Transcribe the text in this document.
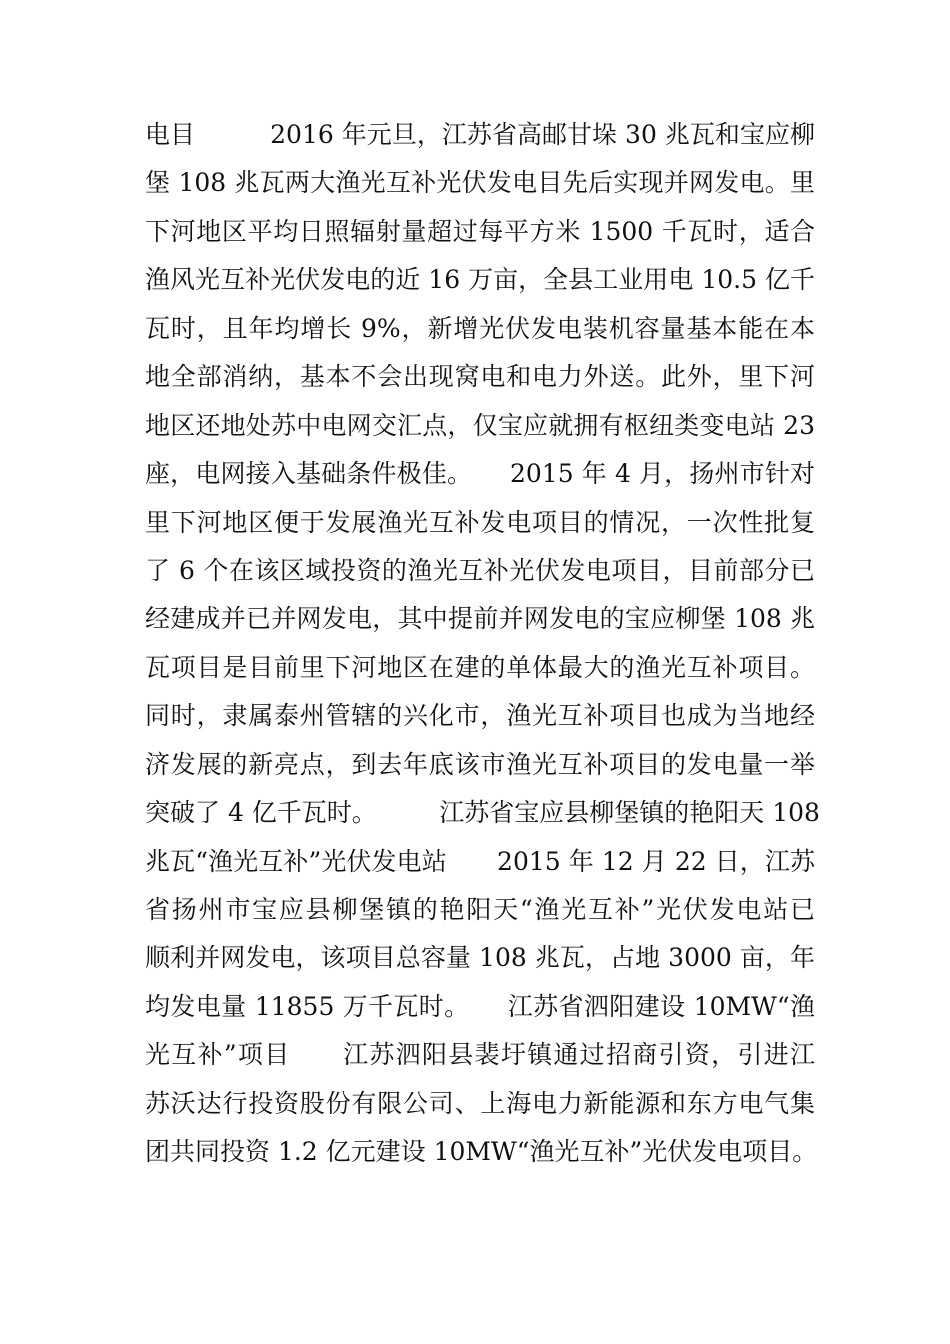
电目　　　2016 年元旦，江苏省高邮甘垛 30 兆瓦和宝应柳
堡 108 兆瓦两大渔光互补光伏发电目先后实现并网发电。里
下河地区平均日照辐射量超过每平方米 1500 千瓦时，适合
渔风光互补光伏发电的近 16 万亩，全县工业用电 10.5 亿千
瓦时，且年均增长 9%，新增光伏发电装机容量基本能在本
地全部消纳，基本不会出现窝电和电力外送。此外，里下河
地区还地处苏中电网交汇点，仅宝应就拥有枢纽类变电站 23
座，电网接入基础条件极佳。　　2015 年 4 月，扬州市针对
里下河地区便于发展渔光互补发电项目的情况，一次性批复
了 6 个在该区域投资的渔光互补光伏发电项目，目前部分已
经建成并已并网发电，其中提前并网发电的宝应柳堡 108 兆
瓦项目是目前里下河地区在建的单体最大的渔光互补项目。
同时，隶属泰州管辖的兴化市，渔光互补项目也成为当地经
济发展的新亮点，到去年底该市渔光互补项目的发电量一举
突破了 4 亿千瓦时。　　　江苏省宝应县柳堡镇的艳阳天 108
兆瓦“渔光互补”光伏发电站　　2015 年 12 月 22 日，江苏
省扬州市宝应县柳堡镇的艳阳天“渔光互补”光伏发电站已
顺利并网发电，该项目总容量 108 兆瓦，占地 3000 亩，年
均发电量 11855 万千瓦时。　　江苏省泗阳建设 10MW“渔
光互补”项目　　江苏泗阳县裴圩镇通过招商引资，引进江
苏沃达行投资股份有限公司、上海电力新能源和东方电气集
团共同投资 1.2 亿元建设 10MW“渔光互补”光伏发电项目。
